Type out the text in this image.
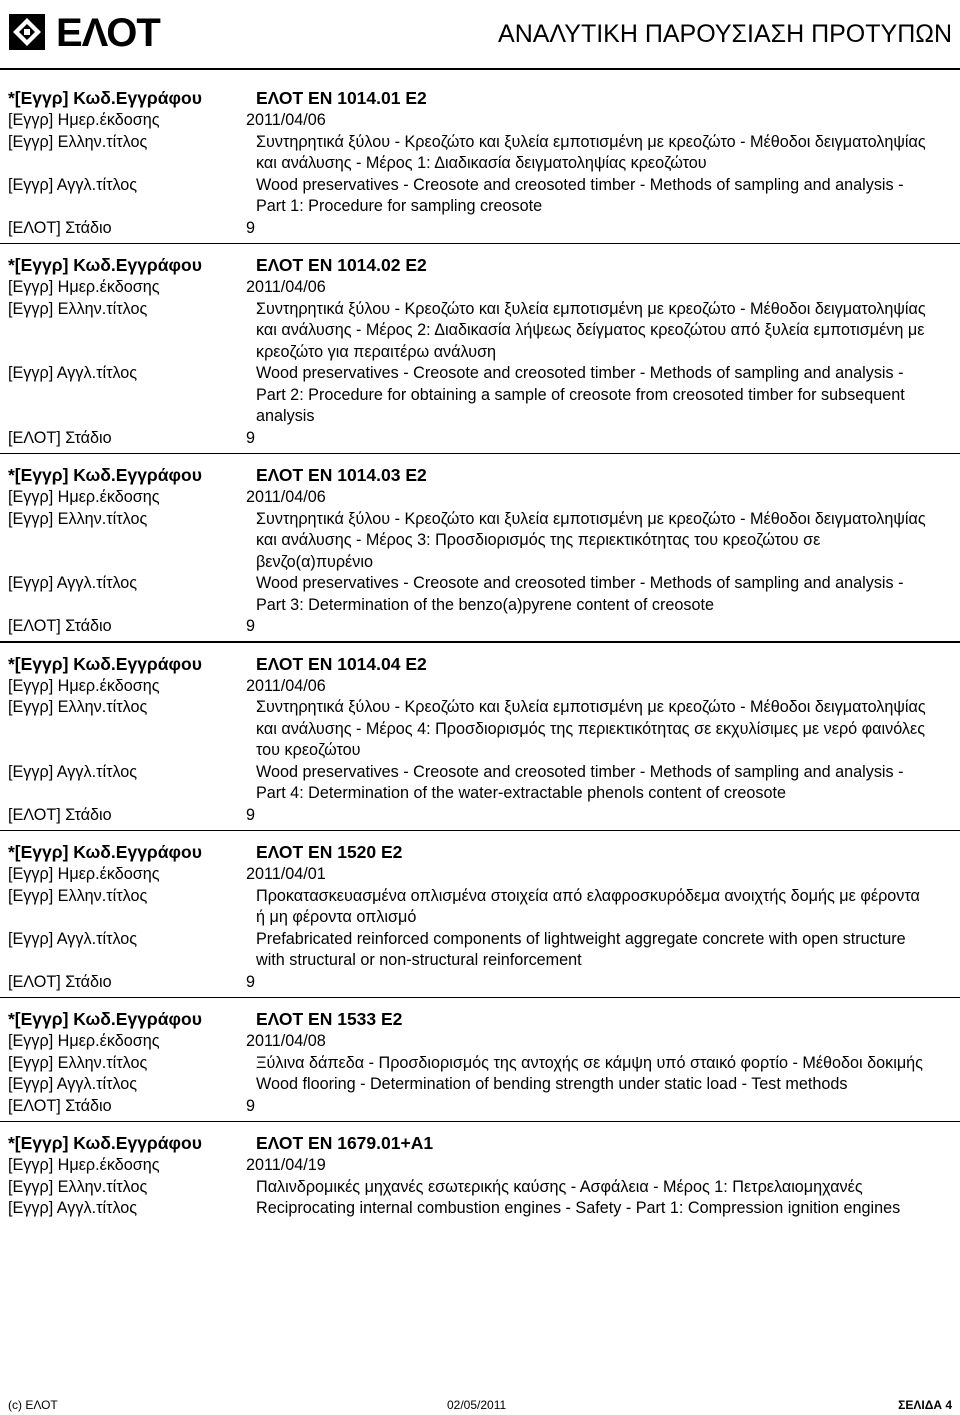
ΕΛΟΤ	ΑΝΑΛΥΤΙΚΗ ΠΑΡΟΥΣΙΑΣΗ ΠΡΟΤΥΠΩΝ
*[Εγγρ] Κωδ.Εγγράφου	ΕΛΟΤ EN 1014.01 E2
[Εγγρ] Ημερ.έκδοσης	2011/04/06
[Εγγρ] Ελλην.τίτλος	Συντηρητικά ξύλου - Κρεοζώτο και ξυλεία εμποτισμένη με κρεοζώτο - Μέθοδοι δειγματοληψίας και ανάλυσης - Μέρος 1: Διαδικασία δειγματοληψίας κρεοζώτου
[Εγγρ] Αγγλ.τίτλος	Wood preservatives - Creosote and creosoted timber - Methods of sampling and analysis - Part 1: Procedure for sampling creosote
[ΕΛΟΤ] Στάδιο	9
*[Εγγρ] Κωδ.Εγγράφου	ΕΛΟΤ EN 1014.02 E2
[Εγγρ] Ημερ.έκδοσης	2011/04/06
[Εγγρ] Ελλην.τίτλος	Συντηρητικά ξύλου - Κρεοζώτο και ξυλεία εμποτισμένη με κρεοζώτο - Μέθοδοι δειγματοληψίας και ανάλυσης - Μέρος 2: Διαδικασία λήψεως δείγματος κρεοζώτου από ξυλεία εμποτισμένη με κρεοζώτο για περαιτέρω ανάλυση
[Εγγρ] Αγγλ.τίτλος	Wood preservatives - Creosote and creosoted timber - Methods of sampling and analysis - Part 2: Procedure for obtaining a sample of creosote from creosoted timber for subsequent analysis
[ΕΛΟΤ] Στάδιο	9
*[Εγγρ] Κωδ.Εγγράφου	ΕΛΟΤ EN 1014.03 E2
[Εγγρ] Ημερ.έκδοσης	2011/04/06
[Εγγρ] Ελλην.τίτλος	Συντηρητικά ξύλου - Κρεοζώτο και ξυλεία εμποτισμένη με κρεοζώτο - Μέθοδοι δειγματοληψίας και ανάλυσης - Μέρος 3: Προσδιορισμός της περιεκτικότητας του κρεοζώτου σε βενζο(α)πυρένιο
[Εγγρ] Αγγλ.τίτλος	Wood preservatives - Creosote and creosoted timber - Methods of sampling and analysis - Part 3: Determination of the benzo(a)pyrene content of creosote
[ΕΛΟΤ] Στάδιο	9
*[Εγγρ] Κωδ.Εγγράφου	ΕΛΟΤ EN 1014.04 E2
[Εγγρ] Ημερ.έκδοσης	2011/04/06
[Εγγρ] Ελλην.τίτλος	Συντηρητικά ξύλου - Κρεοζώτο και ξυλεία εμποτισμένη με κρεοζώτο - Μέθοδοι δειγματοληψίας και ανάλυσης - Μέρος 4: Προσδιορισμός της περιεκτικότητας σε εκχυλίσιμες με νερό φαινόλες του κρεοζώτου
[Εγγρ] Αγγλ.τίτλος	Wood preservatives - Creosote and creosoted timber - Methods of sampling and analysis - Part 4: Determination of the water-extractable phenols content of creosote
[ΕΛΟΤ] Στάδιο	9
*[Εγγρ] Κωδ.Εγγράφου	ΕΛΟΤ EN 1520 E2
[Εγγρ] Ημερ.έκδοσης	2011/04/01
[Εγγρ] Ελλην.τίτλος	Προκατασκευασμένα οπλισμένα στοιχεία από ελαφροσκυρόδεμα ανοιχτής δομής με φέροντα ή μη φέροντα οπλισμό
[Εγγρ] Αγγλ.τίτλος	Prefabricated reinforced components of lightweight aggregate concrete with open structure with structural or non-structural reinforcement
[ΕΛΟΤ] Στάδιο	9
*[Εγγρ] Κωδ.Εγγράφου	ΕΛΟΤ EN 1533 E2
[Εγγρ] Ημερ.έκδοσης	2011/04/08
[Εγγρ] Ελλην.τίτλος	Ξύλινα δάπεδα - Προσδιορισμός της αντοχής σε κάμψη υπό σταικό φορτίο - Μέθοδοι δοκιμής
[Εγγρ] Αγγλ.τίτλος	Wood flooring - Determination of bending strength under static load - Test methods
[ΕΛΟΤ] Στάδιο	9
*[Εγγρ] Κωδ.Εγγράφου	ΕΛΟΤ EN 1679.01+A1
[Εγγρ] Ημερ.έκδοσης	2011/04/19
[Εγγρ] Ελλην.τίτλος	Παλινδρομικές μηχανές εσωτερικής καύσης - Ασφάλεια - Μέρος 1: Πετρελαιομηχανές
[Εγγρ] Αγγλ.τίτλος	Reciprocating internal combustion engines - Safety - Part 1: Compression ignition engines
(c) ΕΛΟΤ	02/05/2011	ΣΕΛΙΔΑ 4
